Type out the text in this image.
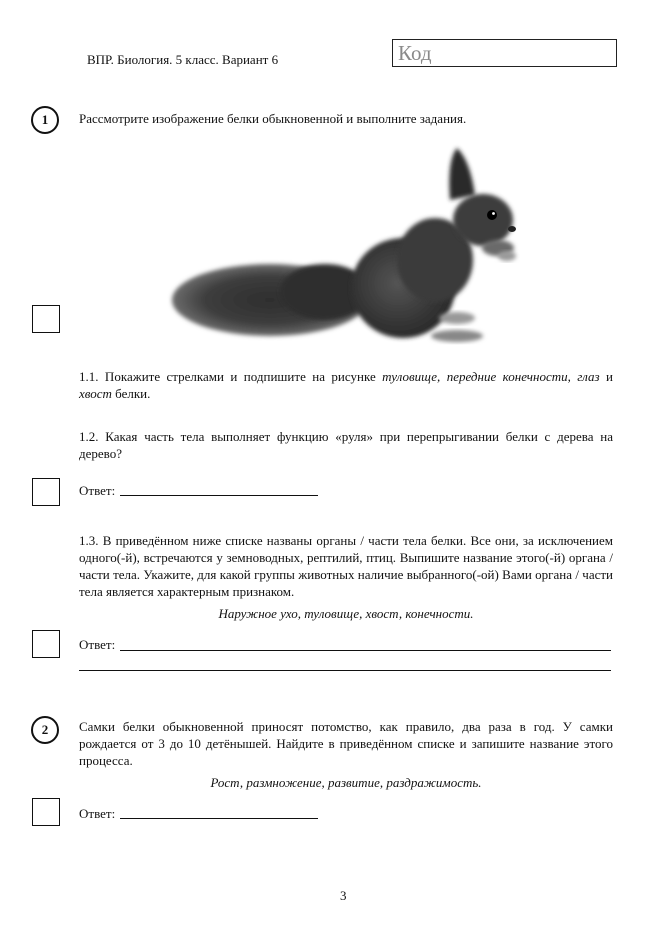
ВПР. Биология. 5 класс. Вариант 6	Код
1	Рассмотрите изображение белки обыкновенной и выполните задания.
1.1. Покажите стрелками и подпишите на рисунке туловище, передние конечности, глаз и хвост белки.
1.2. Какая часть тела выполняет функцию «руля» при перепрыгивании белки с дерева на дерево?
Ответ:
1.3. В приведённом ниже списке названы органы / части тела белки. Все они, за исключением одного(-й), встречаются у земноводных, рептилий, птиц. Выпишите название этого(-й) органа / части тела. Укажите, для какой группы животных наличие выбранного(-ой) Вами органа / части тела является характерным признаком.
Наружное ухо, туловище, хвост, конечности.
Ответ:
2	Самки белки обыкновенной приносят потомство, как правило, два раза в год. У самки рождается от 3 до 10 детёнышей. Найдите в приведённом списке и запишите название этого процесса.
Рост, размножение, развитие, раздражимость.
Ответ:
3
